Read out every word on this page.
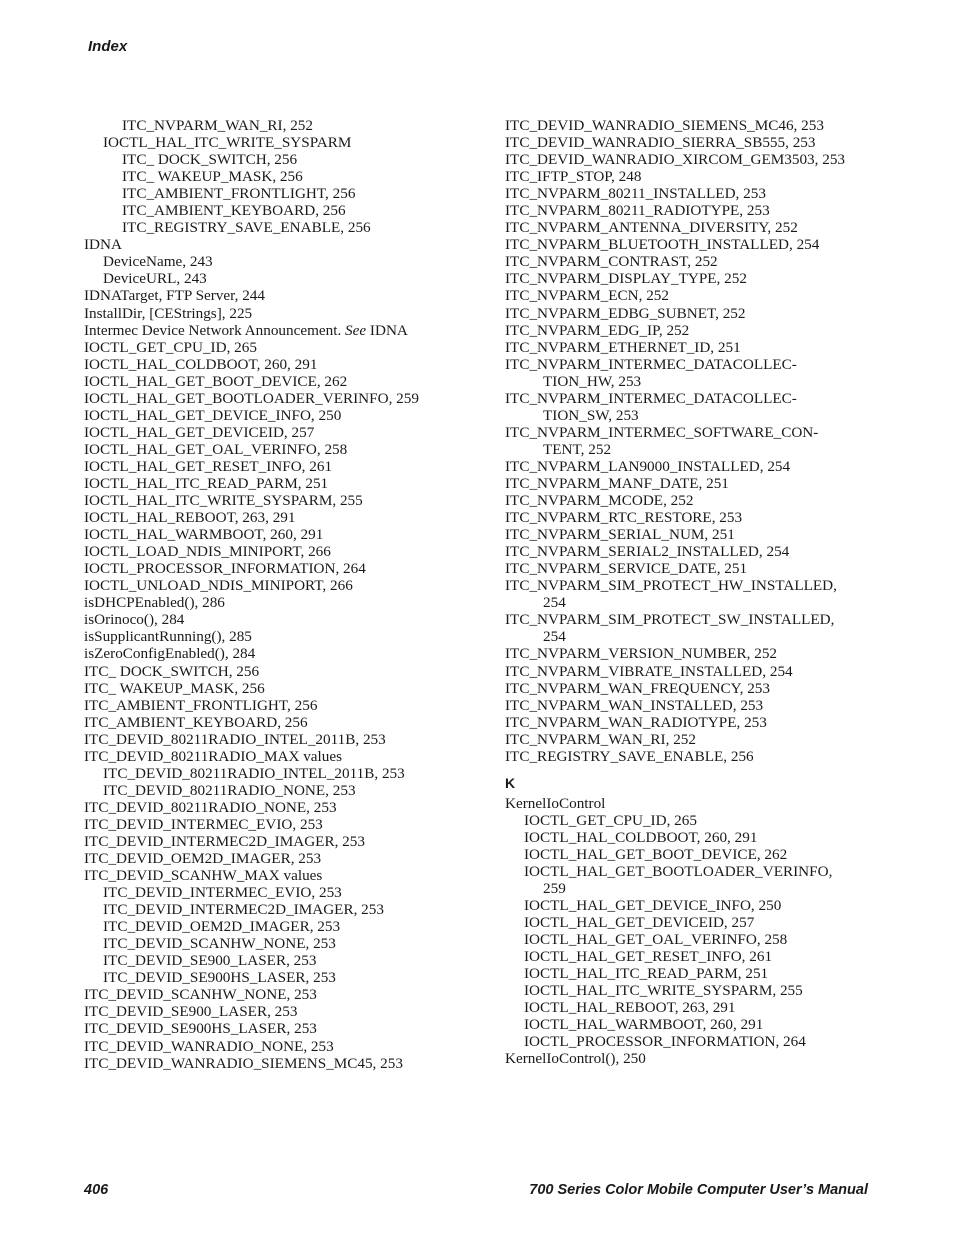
Index
ITC_NVPARM_WAN_RI, 252
IOCTL_HAL_ITC_WRITE_SYSPARM
ITC_ DOCK_SWITCH, 256
ITC_ WAKEUP_MASK, 256
ITC_AMBIENT_FRONTLIGHT, 256
ITC_AMBIENT_KEYBOARD, 256
ITC_REGISTRY_SAVE_ENABLE, 256
IDNA
DeviceName, 243
DeviceURL, 243
IDNATarget, FTP Server, 244
InstallDir, [CEStrings], 225
Intermec Device Network Announcement. See IDNA
IOCTL_GET_CPU_ID, 265
IOCTL_HAL_COLDBOOT, 260, 291
IOCTL_HAL_GET_BOOT_DEVICE, 262
IOCTL_HAL_GET_BOOTLOADER_VERINFO, 259
IOCTL_HAL_GET_DEVICE_INFO, 250
IOCTL_HAL_GET_DEVICEID, 257
IOCTL_HAL_GET_OAL_VERINFO, 258
IOCTL_HAL_GET_RESET_INFO, 261
IOCTL_HAL_ITC_READ_PARM, 251
IOCTL_HAL_ITC_WRITE_SYSPARM, 255
IOCTL_HAL_REBOOT, 263, 291
IOCTL_HAL_WARMBOOT, 260, 291
IOCTL_LOAD_NDIS_MINIPORT, 266
IOCTL_PROCESSOR_INFORMATION, 264
IOCTL_UNLOAD_NDIS_MINIPORT, 266
isDHCPEnabled(), 286
isOrinoco(), 284
isSupplicantRunning(), 285
isZeroConfigEnabled(), 284
ITC_ DOCK_SWITCH, 256
ITC_ WAKEUP_MASK, 256
ITC_AMBIENT_FRONTLIGHT, 256
ITC_AMBIENT_KEYBOARD, 256
ITC_DEVID_80211RADIO_INTEL_2011B, 253
ITC_DEVID_80211RADIO_MAX values
ITC_DEVID_80211RADIO_INTEL_2011B, 253
ITC_DEVID_80211RADIO_NONE, 253
ITC_DEVID_80211RADIO_NONE, 253
ITC_DEVID_INTERMEC_EVIO, 253
ITC_DEVID_INTERMEC2D_IMAGER, 253
ITC_DEVID_OEM2D_IMAGER, 253
ITC_DEVID_SCANHW_MAX values
ITC_DEVID_INTERMEC_EVIO, 253
ITC_DEVID_INTERMEC2D_IMAGER, 253
ITC_DEVID_OEM2D_IMAGER, 253
ITC_DEVID_SCANHW_NONE, 253
ITC_DEVID_SE900_LASER, 253
ITC_DEVID_SE900HS_LASER, 253
ITC_DEVID_SCANHW_NONE, 253
ITC_DEVID_SE900_LASER, 253
ITC_DEVID_SE900HS_LASER, 253
ITC_DEVID_WANRADIO_NONE, 253
ITC_DEVID_WANRADIO_SIEMENS_MC45, 253
ITC_DEVID_WANRADIO_SIEMENS_MC46, 253
ITC_DEVID_WANRADIO_SIERRA_SB555, 253
ITC_DEVID_WANRADIO_XIRCOM_GEM3503, 253
ITC_IFTP_STOP, 248
ITC_NVPARM_80211_INSTALLED, 253
ITC_NVPARM_80211_RADIOTYPE, 253
ITC_NVPARM_ANTENNA_DIVERSITY, 252
ITC_NVPARM_BLUETOOTH_INSTALLED, 254
ITC_NVPARM_CONTRAST, 252
ITC_NVPARM_DISPLAY_TYPE, 252
ITC_NVPARM_ECN, 252
ITC_NVPARM_EDBG_SUBNET, 252
ITC_NVPARM_EDG_IP, 252
ITC_NVPARM_ETHERNET_ID, 251
ITC_NVPARM_INTERMEC_DATACOLLEC-
TION_HW, 253
ITC_NVPARM_INTERMEC_DATACOLLEC-
TION_SW, 253
ITC_NVPARM_INTERMEC_SOFTWARE_CON-
TENT, 252
ITC_NVPARM_LAN9000_INSTALLED, 254
ITC_NVPARM_MANF_DATE, 251
ITC_NVPARM_MCODE, 252
ITC_NVPARM_RTC_RESTORE, 253
ITC_NVPARM_SERIAL_NUM, 251
ITC_NVPARM_SERIAL2_INSTALLED, 254
ITC_NVPARM_SERVICE_DATE, 251
ITC_NVPARM_SIM_PROTECT_HW_INSTALLED,
254
ITC_NVPARM_SIM_PROTECT_SW_INSTALLED,
254
ITC_NVPARM_VERSION_NUMBER, 252
ITC_NVPARM_VIBRATE_INSTALLED, 254
ITC_NVPARM_WAN_FREQUENCY, 253
ITC_NVPARM_WAN_INSTALLED, 253
ITC_NVPARM_WAN_RADIOTYPE, 253
ITC_NVPARM_WAN_RI, 252
ITC_REGISTRY_SAVE_ENABLE, 256
K
KernelIoControl
IOCTL_GET_CPU_ID, 265
IOCTL_HAL_COLDBOOT, 260, 291
IOCTL_HAL_GET_BOOT_DEVICE, 262
IOCTL_HAL_GET_BOOTLOADER_VERINFO,
259
IOCTL_HAL_GET_DEVICE_INFO, 250
IOCTL_HAL_GET_DEVICEID, 257
IOCTL_HAL_GET_OAL_VERINFO, 258
IOCTL_HAL_GET_RESET_INFO, 261
IOCTL_HAL_ITC_READ_PARM, 251
IOCTL_HAL_ITC_WRITE_SYSPARM, 255
IOCTL_HAL_REBOOT, 263, 291
IOCTL_HAL_WARMBOOT, 260, 291
IOCTL_PROCESSOR_INFORMATION, 264
KernelIoControl(), 250
406	700 Series Color Mobile Computer User’s Manual
